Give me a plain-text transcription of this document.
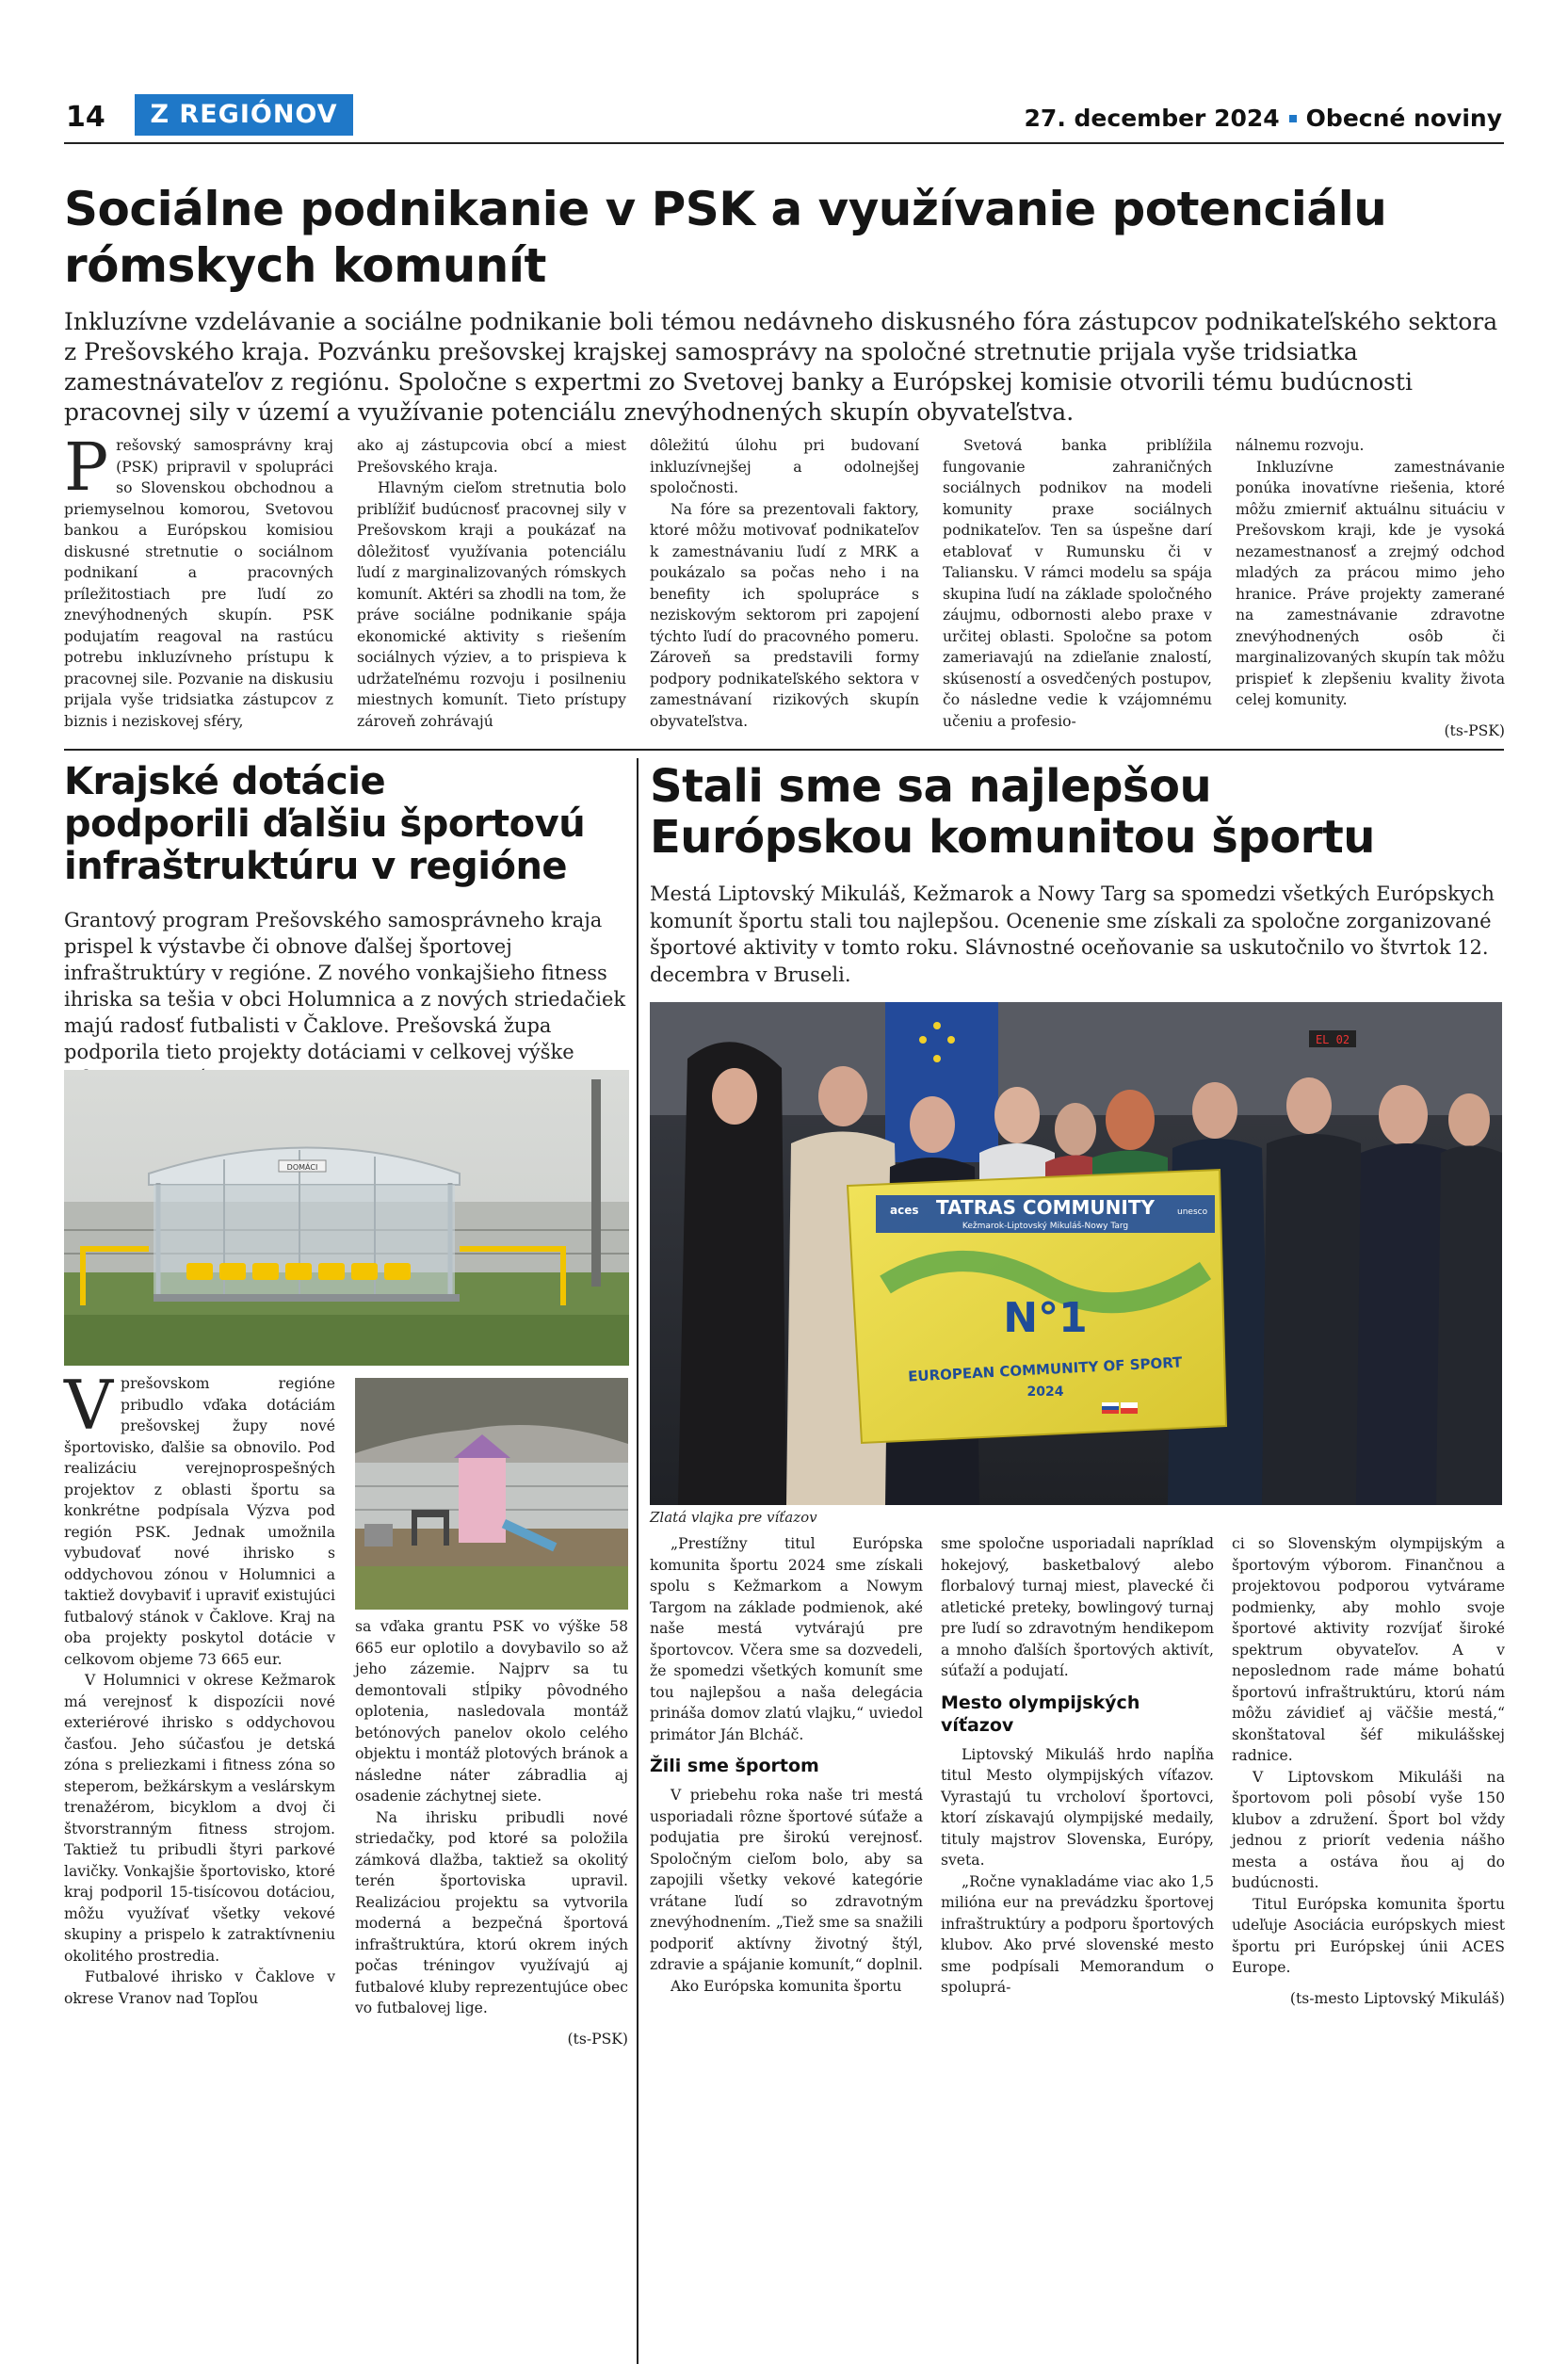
14	Z REGIÓNOV	27. december 2024 Obecné noviny
Sociálne podnikanie v PSK a využívanie potenciálu
rómskych komunít

Inkluzívne vzdelávanie a sociálne podnikanie boli témou nedávneho diskusného fóra zástupcov podnikateľského sektora z Prešovského kraja. Pozvánku prešovskej krajskej samosprávy na spoločné stretnutie prijala vyše tridsiatka zamestnávateľov z regiónu. Spoločne s expertmi zo Svetovej banky a Európskej komisie otvorili tému budúcnosti pracovnej sily v území a využívanie potenciálu znevýhodnených skupín obyvateľstva.

P rešovský samosprávny kraj (PSK) pripravil v spolupráci so Slovenskou obchodnou a priemyselnou komorou, Svetovou bankou a Európskou komisiou diskusné stretnutie o sociálnom podnikaní a pracovných príležitostiach pre ľudí zo znevýhodnených skupín. PSK podujatím reagoval na rastúcu potrebu inkluzívneho prístupu k pracovnej sile. Pozvanie na diskusiu prijala vyše tridsiatka zástupcov z biznis i neziskovej sféry,

ako aj zástupcovia obcí a miest Prešovského kraja.

Hlavným cieľom stretnutia bolo priblížiť budúcnosť pracovnej sily v Prešovskom kraji a poukázať na dôležitosť využívania potenciálu ľudí z marginalizovaných rómskych komunít. Aktéri sa zhodli na tom, že práve sociálne podnikanie spája ekonomické aktivity s riešením sociálnych výziev, a to prispieva k udržateľnému rozvoju i posilneniu miestnych komunít. Tieto prístupy zároveň zohrávajú

dôležitú úlohu pri budovaní inkluzívnejšej a odolnejšej spoločnosti.

Na fóre sa prezentovali faktory, ktoré môžu motivovať podnikateľov k zamestnávaniu ľudí z MRK a poukázalo sa počas neho i na benefity ich spolupráce s neziskovým sektorom pri zapojení týchto ľudí do pracovného pomeru. Zároveň sa predstavili formy podpory podnikateľského sektora v zamestnávaní rizikových skupín obyvateľstva.

Svetová banka priblížila fungovanie zahraničných sociálnych podnikov na modeli komunity praxe sociálnych podnikateľov. Ten sa úspešne darí etablovať v Rumunsku či v Taliansku. V rámci modelu sa spája skupina ľudí na základe spoločného záujmu, odbornosti alebo praxe v určitej oblasti. Spoločne sa potom zameriavajú na zdieľanie znalostí, skúseností a osvedčených postupov, čo následne vedie k vzájomnému učeniu a profesio-

nálnemu rozvoju.

Inkluzívne zamestnávanie ponúka inovatívne riešenia, ktoré môžu zmierniť aktuálnu situáciu v Prešovskom kraji, kde je vysoká nezamestnanosť a zrejmý odchod mladých za prácou mimo jeho hranice. Práve projekty zamerané na zamestnávanie zdravotne znevýhodnených osôb či marginalizovaných skupín tak môžu prispieť k zlepšeniu kvality života celej komunity.

(ts-PSK)
Krajské dotácie
podporili ďalšiu športovú
infraštruktúru v regióne

Grantový program Prešovského samosprávneho kraja prispel k výstavbe či obnove ďalšej športovej infraštruktúry v regióne. Z nového vonkajšieho fitness ihriska sa tešia v obci Holumnica a z nových striedačiek majú radosť futbalisti v Čaklove. Prešovská župa podporila tieto projekty dotáciami v celkovej výške

DOMÁCI
V prešovskom regióne pribudlo vďaka dotáciám prešovskej župy nové športovisko, ďalšie sa obnovilo. Pod realizáciu verejnoprospešných projektov z oblasti športu sa konkrétne podpísala Výzva pod región PSK. Jednak umožnila vybudovať nové ihrisko s oddychovou zónou v Holumnici a taktiež dovybaviť i upraviť existujúci futbalový stánok v Čaklove. Kraj na oba projekty poskytol dotácie v celkovom objeme 73 665 eur.

V Holumnici v okrese Kežmarok má verejnosť k dispozícii nové exteriérové ihrisko s oddychovou časťou. Jeho súčasťou je detská zóna s preliezkami i fitness zóna so steperom, bežkárskym a veslárskym trenažérom, bicyklom a dvoj či štvorstranným fitness strojom. Taktiež tu pribudli štyri parkové lavičky. Vonkajšie športovisko, ktoré kraj podporil 15-tisícovou dotáciou, môžu využívať všetky vekové skupiny a prispelo k zatraktívneniu okolitého prostredia.

Futbalové ihrisko v Čaklove v okrese Vranov nad Topľou

sa vďaka grantu PSK vo výške 58 665 eur oplotilo a dovybavilo so až jeho zázemie. Najprv sa tu demontovali stĺpiky pôvodného oplotenia, nasledovala montáž betónových panelov okolo celého objektu i montáž plotových bránok a následne náter zábradlia aj osadenie záchytnej siete.

Na ihrisku pribudli nové striedačky, pod ktoré sa položila zámková dlažba, taktiež sa okolitý terén športoviska upravil. Realizáciou projektu sa vytvorila moderná a bezpečná športová infraštruktúra, ktorú okrem iných počas tréningov využívajú aj futbalové kluby reprezentujúce obec vo futbalovej lige.

(ts-PSK)
Stali sme sa najlepšou
Európskou komunitou športu

Mestá Liptovský Mikuláš, Kežmarok a Nowy Targ sa spomedzi všetkých Európskych komunít športu stali tou najlepšou. Ocenenie sme získali za spoločne zorganizované športové aktivity v tomto roku. Slávnostné oceňovanie sa uskutočnilo vo štvrtok 12. decembra v Bruseli.

EL 02
TATRAS COMMUNITY
Kežmarok-Liptovský Mikuláš-Nowy Targ
aces	unesco
N°1
EUROPEAN COMMUNITY OF SPORT
2024
Zlatá vlajka pre víťazov

„Prestížny titul Európska komunita športu 2024 sme získali spolu s Kežmarkom a Nowym Targom na základe podmienok, aké naše mestá vytvárajú pre športovcov. Včera sme sa dozvedeli, že spomedzi všetkých komunít sme tou najlepšou a naša delegácia prináša domov zlatú vlajku,“ uviedol primátor Ján Blcháč.

Žili sme športom

V priebehu roka naše tri mestá usporiadali rôzne športové súťaže a podujatia pre širokú verejnosť. Spoločným cieľom bolo, aby sa zapojili všetky vekové kategórie vrátane ľudí so zdravotným znevýhodnením. „Tiež sme sa snažili podporiť aktívny životný štýl, zdravie a spájanie komunít,“ doplnil.

Ako Európska komunita športu

sme spoločne usporiadali napríklad hokejový, basketbalový alebo florbalový turnaj miest, plavecké či atletické preteky, bowlingový turnaj pre ľudí so zdravotným hendikepom a mnoho ďalších športových aktivít, súťaží a podujatí.

Mesto olympijských
víťazov

Liptovský Mikuláš hrdo napĺňa titul Mesto olympijských víťazov. Vyrastajú tu vrcholoví športovci, ktorí získavajú olympijské medaily, tituly majstrov Slovenska, Európy, sveta.

„Ročne vynakladáme viac ako 1,5 milióna eur na prevádzku športovej infraštruktúry a podporu športových klubov. Ako prvé slovenské mesto sme podpísali Memorandum o spoluprá-

ci so Slovenským olympijským a športovým výborom. Finančnou a projektovou podporou vytvárame podmienky, aby mohlo svoje športové aktivity rozvíjať široké spektrum obyvateľov. A v neposlednom rade máme bohatú športovú infraštruktúru, ktorú nám môžu závidieť aj väčšie mestá,“ skonštatoval šéf mikulášskej radnice.

V Liptovskom Mikuláši na športovom poli pôsobí vyše 150 klubov a združení. Šport bol vždy jednou z priorít vedenia nášho mesta a ostáva ňou aj do budúcnosti.

Titul Európska komunita športu udeľuje Asociácia európskych miest športu pri Európskej únii ACES Europe.

(ts-mesto Liptovský Mikuláš)
